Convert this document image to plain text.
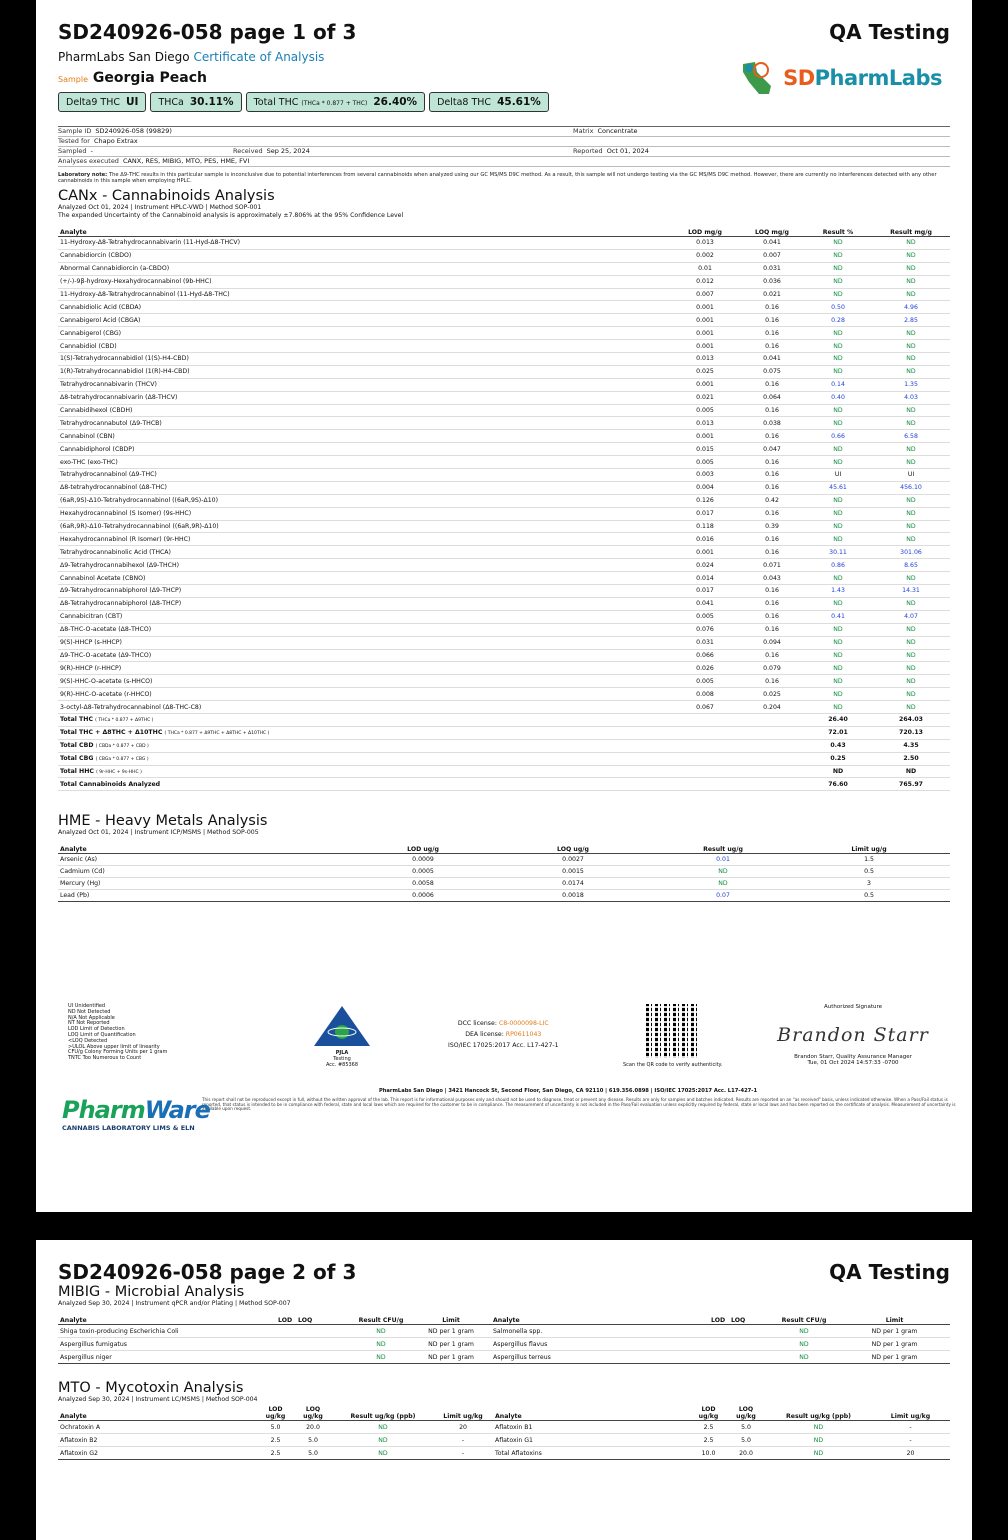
SD240926-058 page 1 of 3	QA Testing
PharmLabs San Diego Certificate of Analysis
Sample Georgia Peach	SDPharmLabs
Delta9 THC UI	THCa 30.11%	Total THC (THCa * 0.877 + THC) 26.40%	Delta8 THC 45.61%
Sample ID SD240926-058 (99829)	Matrix Concentrate
Tested for Chapo Extrax
Sampled -	Received Sep 25, 2024	Reported Oct 01, 2024
Analyses executed CANX, RES, MIBIG, MTO, PES, HME, FVI
Laboratory note: The Δ9-THC results in this particular sample is inconclusive due to potential interferences from several cannabinoids when analyzed using our GC MS/MS D9C method. As a result, this sample will not undergo testing via the GC MS/MS D9C method. However, there are currently no interferences detected with any other cannabinoids in this sample when employing HPLC.
CANx - Cannabinoids Analysis
Analyzed Oct 01, 2024 | Instrument HPLC-VWD | Method SOP-001
The expanded Uncertainty of the Cannabinoid analysis is approximately ±7.806% at the 95% Confidence Level
Analyte	LOD mg/g	LOQ mg/g	Result %	Result mg/g
11-Hydroxy-Δ8-Tetrahydrocannabivarin (11-Hyd-Δ8-THCV)	0.013	0.041	ND	ND
Cannabidiorcin (CBDO)	0.002	0.007	ND	ND
Abnormal Cannabidiorcin (a-CBDO)	0.01	0.031	ND	ND
(+/-)-9β-hydroxy-Hexahydrocannabinol (9b-HHC)	0.012	0.036	ND	ND
11-Hydroxy-Δ8-Tetrahydrocannabinol (11-Hyd-Δ8-THC)	0.007	0.021	ND	ND
Cannabidiolic Acid (CBDA)	0.001	0.16	0.50	4.96
Cannabigerol Acid (CBGA)	0.001	0.16	0.28	2.85
Cannabigerol (CBG)	0.001	0.16	ND	ND
Cannabidiol (CBD)	0.001	0.16	ND	ND
1(S)-Tetrahydrocannabidiol (1(S)-H4-CBD)	0.013	0.041	ND	ND
1(R)-Tetrahydrocannabidiol (1(R)-H4-CBD)	0.025	0.075	ND	ND
Tetrahydrocannabivarin (THCV)	0.001	0.16	0.14	1.35
Δ8-tetrahydrocannabivarin (Δ8-THCV)	0.021	0.064	0.40	4.03
Cannabidihexol (CBDH)	0.005	0.16	ND	ND
Tetrahydrocannabutol (Δ9-THCB)	0.013	0.038	ND	ND
Cannabinol (CBN)	0.001	0.16	0.66	6.58
Cannabidiphorol (CBDP)	0.015	0.047	ND	ND
exo-THC (exo-THC)	0.005	0.16	ND	ND
Tetrahydrocannabinol (Δ9-THC)	0.003	0.16	UI	UI
Δ8-tetrahydrocannabinol (Δ8-THC)	0.004	0.16	45.61	456.10
(6aR,9S)-Δ10-Tetrahydrocannabinol ((6aR,9S)-Δ10)	0.126	0.42	ND	ND
Hexahydrocannabinol (S Isomer) (9s-HHC)	0.017	0.16	ND	ND
(6aR,9R)-Δ10-Tetrahydrocannabinol ((6aR,9R)-Δ10)	0.118	0.39	ND	ND
Hexahydrocannabinol (R Isomer) (9r-HHC)	0.016	0.16	ND	ND
Tetrahydrocannabinolic Acid (THCA)	0.001	0.16	30.11	301.06
Δ9-Tetrahydrocannabihexol (Δ9-THCH)	0.024	0.071	0.86	8.65
Cannabinol Acetate (CBNO)	0.014	0.043	ND	ND
Δ9-Tetrahydrocannabiphorol (Δ9-THCP)	0.017	0.16	1.43	14.31
Δ8-Tetrahydrocannabiphorol (Δ8-THCP)	0.041	0.16	ND	ND
Cannabicitran (CBT)	0.005	0.16	0.41	4.07
Δ8-THC-O-acetate (Δ8-THCO)	0.076	0.16	ND	ND
9(S)-HHCP (s-HHCP)	0.031	0.094	ND	ND
Δ9-THC-O-acetate (Δ9-THCO)	0.066	0.16	ND	ND
9(R)-HHCP (r-HHCP)	0.026	0.079	ND	ND
9(S)-HHC-O-acetate (s-HHCO)	0.005	0.16	ND	ND
9(R)-HHC-O-acetate (r-HHCO)	0.008	0.025	ND	ND
3-octyl-Δ8-Tetrahydrocannabinol (Δ8-THC-C8)	0.067	0.204	ND	ND
Total THC ( THCa * 0.877 + Δ9THC )			26.40	264.03
Total THC + Δ8THC + Δ10THC ( THCa * 0.877 + Δ9THC + Δ8THC + Δ10THC )			72.01	720.13
Total CBD ( CBDa * 0.877 + CBD )			0.43	4.35
Total CBG ( CBGa * 0.877 + CBG )			0.25	2.50
Total HHC ( 9r-HHC + 9s-HHC )			ND	ND
Total Cannabinoids Analyzed			76.60	765.97
HME - Heavy Metals Analysis
Analyzed Oct 01, 2024 | Instrument ICP/MSMS | Method SOP-005
Analyte	LOD ug/g	LOQ ug/g	Result ug/g	Limit ug/g
Arsenic (As)	0.0009	0.0027	0.01	1.5
Cadmium (Cd)	0.0005	0.0015	ND	0.5
Mercury (Hg)	0.0058	0.0174	ND	3
Lead (Pb)	0.0006	0.0018	0.07	0.5
UI Unidentified
ND Not Detected
N/A Not Applicable
NT Not Reported
LOD Limit of Detection
LOQ Limit of Quantification
<LOQ Detected
>ULOL Above upper limit of linearity
CFU/g Colony Forming Units per 1 gram
TNTC Too Numerous to Count
PJLA
Testing
Acc. #85368
DCC license: C8-0000098-LIC
DEA license: RP0611043
ISO/IEC 17025:2017 Acc. L17-427-1
Scan the QR code to verify authenticity.
Authorized Signature
Brandon Starr
Brandon Starr, Quality Assurance Manager
Tue, 01 Oct 2024 14:57:33 -0700
PharmLabs San Diego | 3421 Hancock St, Second Floor, San Diego, CA 92110 | 619.356.0898 | ISO/IEC 17025:2017 Acc. L17-427-1
This report shall not be reproduced except in full, without the written approval of the lab. This report is for informational purposes only and should not be used to diagnose, treat or prevent any disease. Results are only for samples and batches indicated. Results are reported on an "as received" basis, unless indicated otherwise. When a Pass/Fail status is reported, that status is intended to be in compliance with federal, state and local laws which are required for the customer to be in compliance. The measurement of uncertainty is not included in the Pass/Fail evaluation unless explicitly required by federal, state or local laws and has been reported on the certificate of analysis. Measurement of uncertainty is available upon request.
PharmWare
CANNABIS LABORATORY LIMS & ELN
SD240926-058 page 2 of 3	QA Testing
MIBIG - Microbial Analysis
Analyzed Sep 30, 2024 | Instrument qPCR and/or Plating | Method SOP-007
Analyte	LOD	LOQ	Result CFU/g	Limit	Analyte	LOD	LOQ	Result CFU/g	Limit
Shiga toxin-producing Escherichia Coli			ND	ND per 1 gram	Salmonella spp.			ND	ND per 1 gram
Aspergillus fumigatus			ND	ND per 1 gram	Aspergillus flavus			ND	ND per 1 gram
Aspergillus niger			ND	ND per 1 gram	Aspergillus terreus			ND	ND per 1 gram
MTO - Mycotoxin Analysis
Analyzed Sep 30, 2024 | Instrument LC/MSMS | Method SOP-004
Analyte	LOD ug/kg	LOQ ug/kg	Result ug/kg (ppb)	Limit ug/kg	Analyte	LOD ug/kg	LOQ ug/kg	Result ug/kg (ppb)	Limit ug/kg
Ochratoxin A	5.0	20.0	ND	20	Aflatoxin B1	2.5	5.0	ND	-
Aflatoxin B2	2.5	5.0	ND	-	Aflatoxin G1	2.5	5.0	ND	-
Aflatoxin G2	2.5	5.0	ND	-	Total Aflatoxins	10.0	20.0	ND	20
